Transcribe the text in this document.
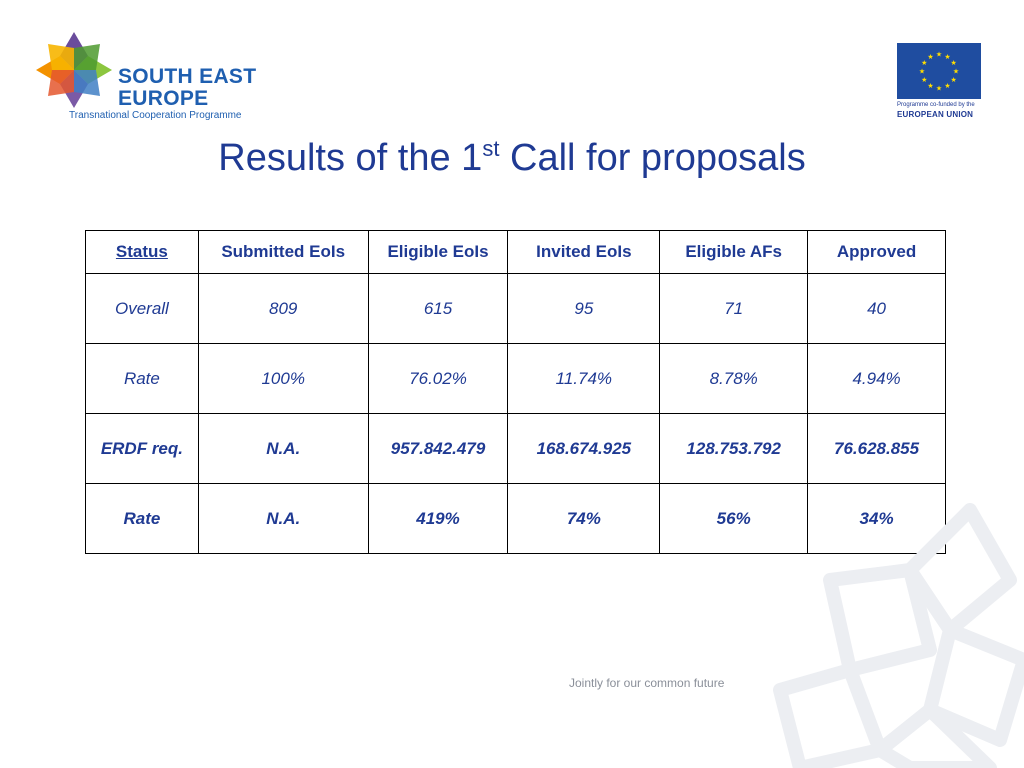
SOUTH EAST
EUROPE
Transnational Cooperation Programme
★ ★
★
★
★
★
★
★
★
★
★
★
Programme co-funded by the
EUROPEAN UNION
Results of the 1st Call for proposals
Status	Submitted EoIs	Eligible EoIs	Invited EoIs	Eligible AFs	Approved
Overall	809	615	95	71	40
Rate	100%	76.02%	11.74%	8.78%	4.94%
ERDF req.	N.A.	957.842.479	168.674.925	128.753.792	76.628.855
Rate	N.A.	419%	74%	56%	34%
Jointly for our common future
